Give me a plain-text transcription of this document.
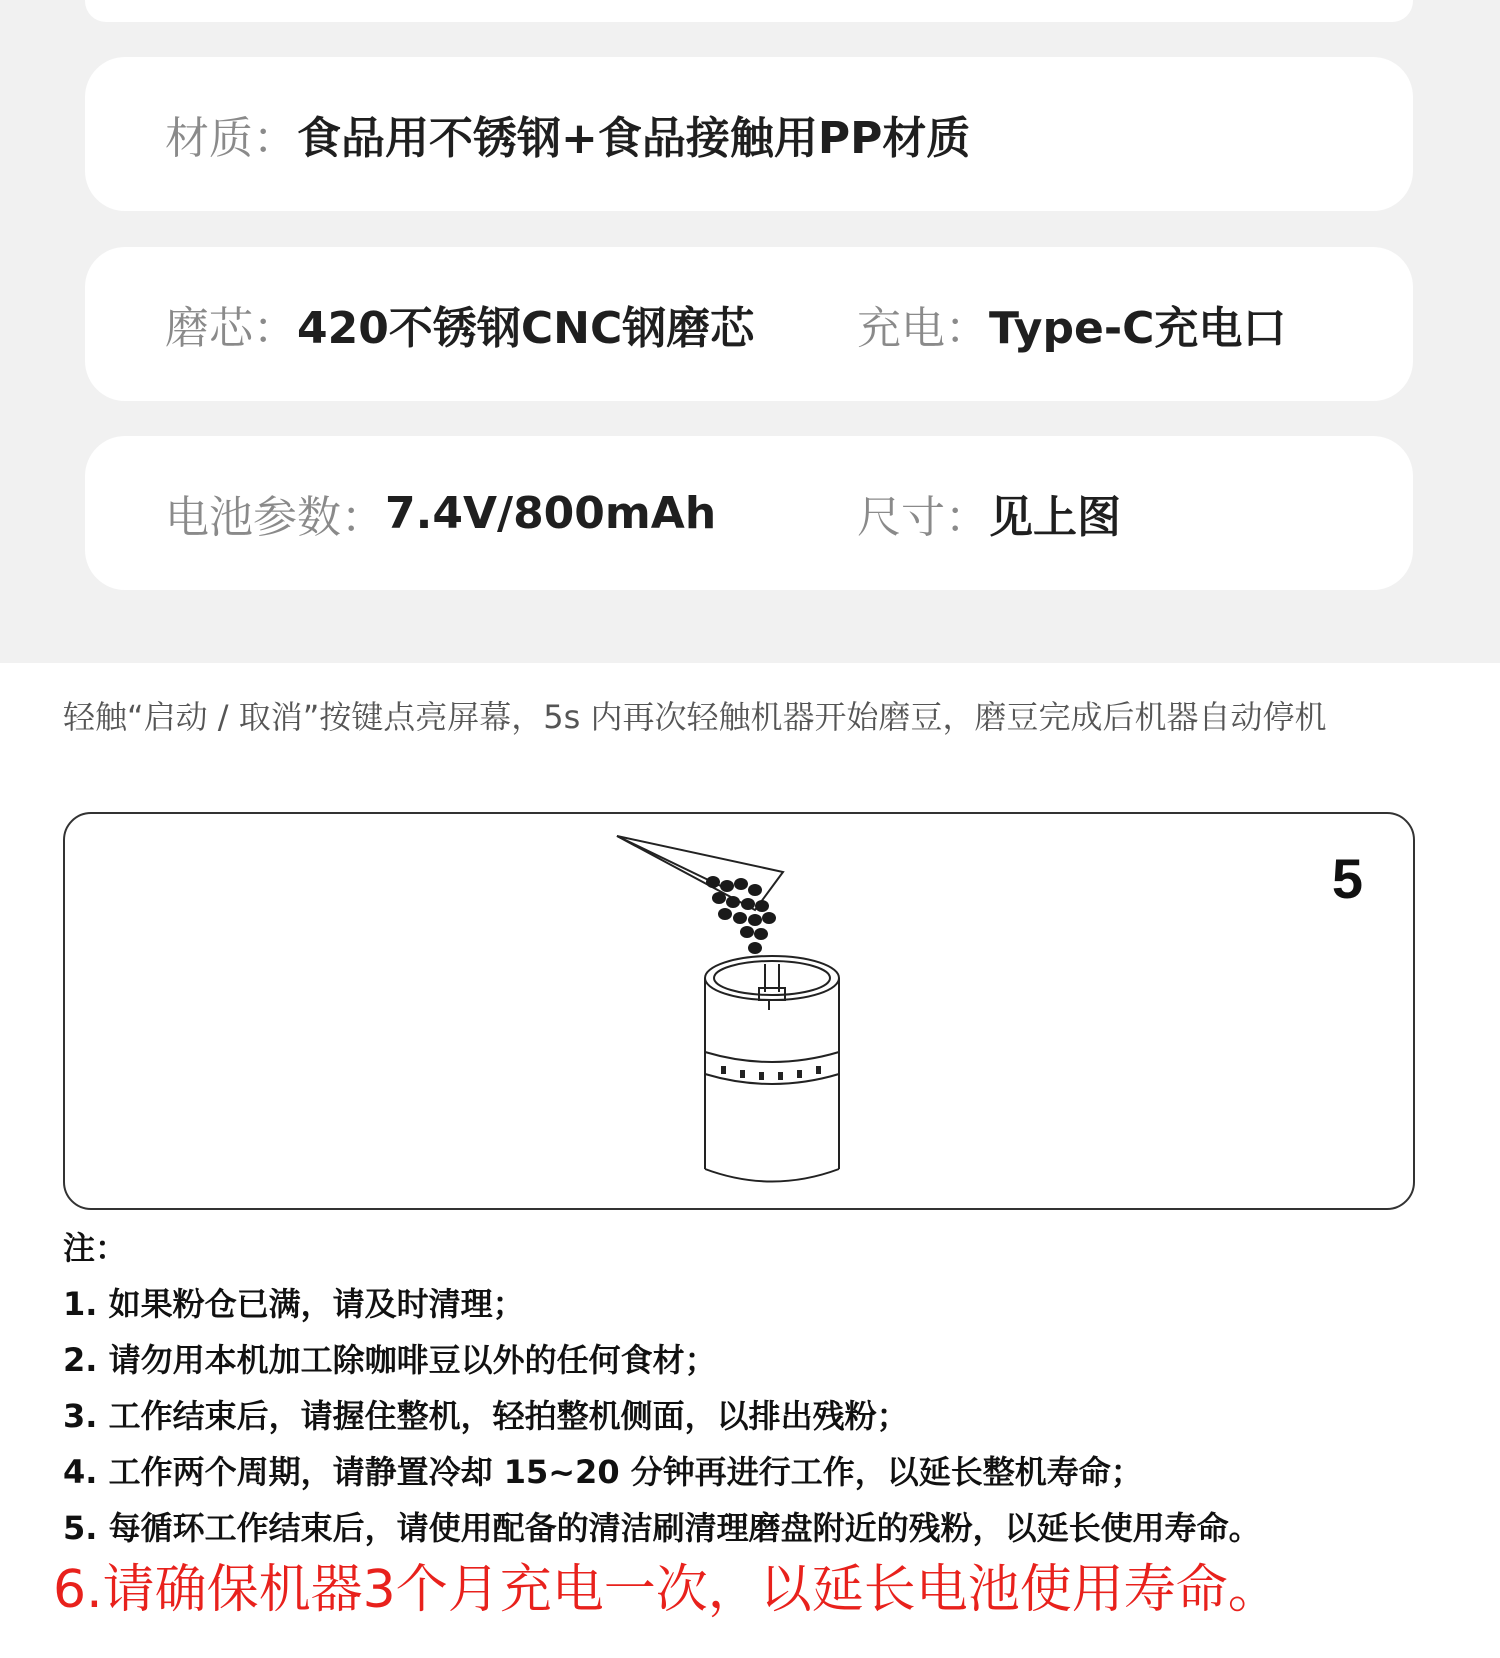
材质： 食品用不锈钢+食品接触用PP材质
磨芯： 420不锈钢CNC钢磨芯 充电： Type-C充电口
电池参数： 7.4V/800mAh	尺寸： 见上图

轻触“启动 / 取消”按键点亮屏幕，5s 内再次轻触机器开始磨豆，磨豆完成后机器自动停机

5
注：
1. 如果粉仓已满，请及时清理；
2. 请勿用本机加工除咖啡豆以外的任何食材；
3. 工作结束后，请握住整机，轻拍整机侧面，以排出残粉；
4. 工作两个周期，请静置冷却 15~20 分钟再进行工作，以延长整机寿命；
5. 每循环工作结束后，请使用配备的清洁刷清理磨盘附近的残粉，以延长使用寿命。
6.请确保机器3个月充电一次，以延长电池使用寿命。
